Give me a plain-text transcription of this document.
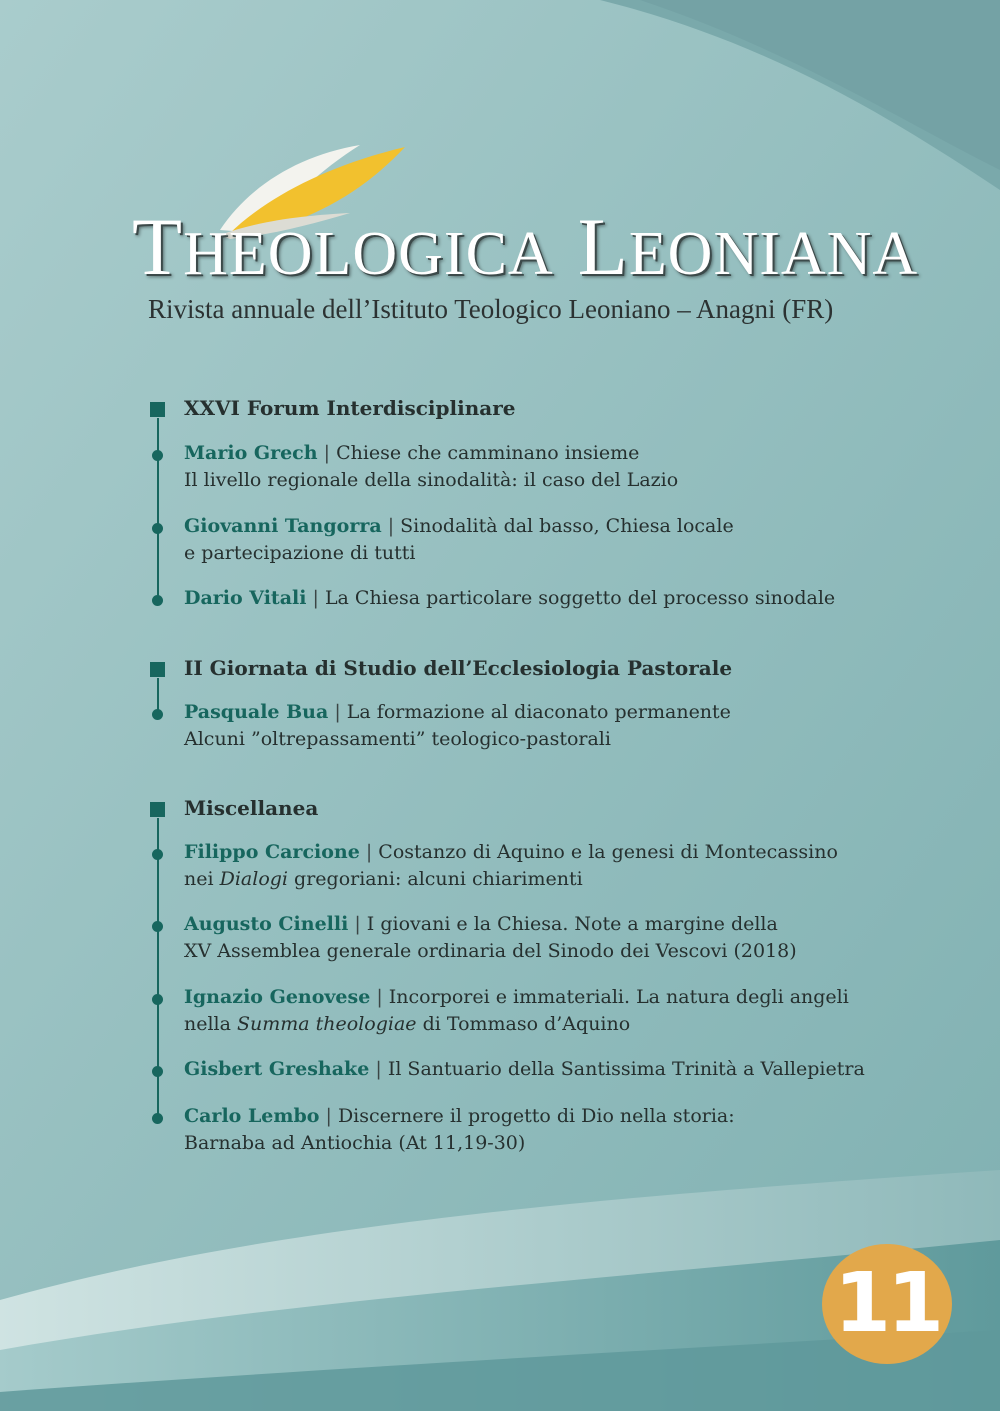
THEOLOGICA LEONIANA
Rivista annuale dell’Istituto Teologico Leoniano – Anagni (FR)
XXVI Forum Interdisciplinare
Mario Grech | Chiese che camminano insieme
Il livello regionale della sinodalità: il caso del Lazio
Giovanni Tangorra | Sinodalità dal basso, Chiesa locale
e partecipazione di tutti
Dario Vitali | La Chiesa particolare soggetto del processo sinodale
II Giornata di Studio dell’Ecclesiologia Pastorale
Pasquale Bua | La formazione al diaconato permanente
Alcuni ”oltrepassamenti” teologico-pastorali
Miscellanea
Filippo Carcione | Costanzo di Aquino e la genesi di Montecassino
nei Dialogi gregoriani: alcuni chiarimenti
Augusto Cinelli | I giovani e la Chiesa. Note a margine della
XV Assemblea generale ordinaria del Sinodo dei Vescovi (2018)
Ignazio Genovese | Incorporei e immateriali. La natura degli angeli
nella Summa theologiae di Tommaso d’Aquino
Gisbert Greshake | Il Santuario della Santissima Trinità a Vallepietra
Carlo Lembo | Discernere il progetto di Dio nella storia:
Barnaba ad Antiochia (At 11,19-30)
11
